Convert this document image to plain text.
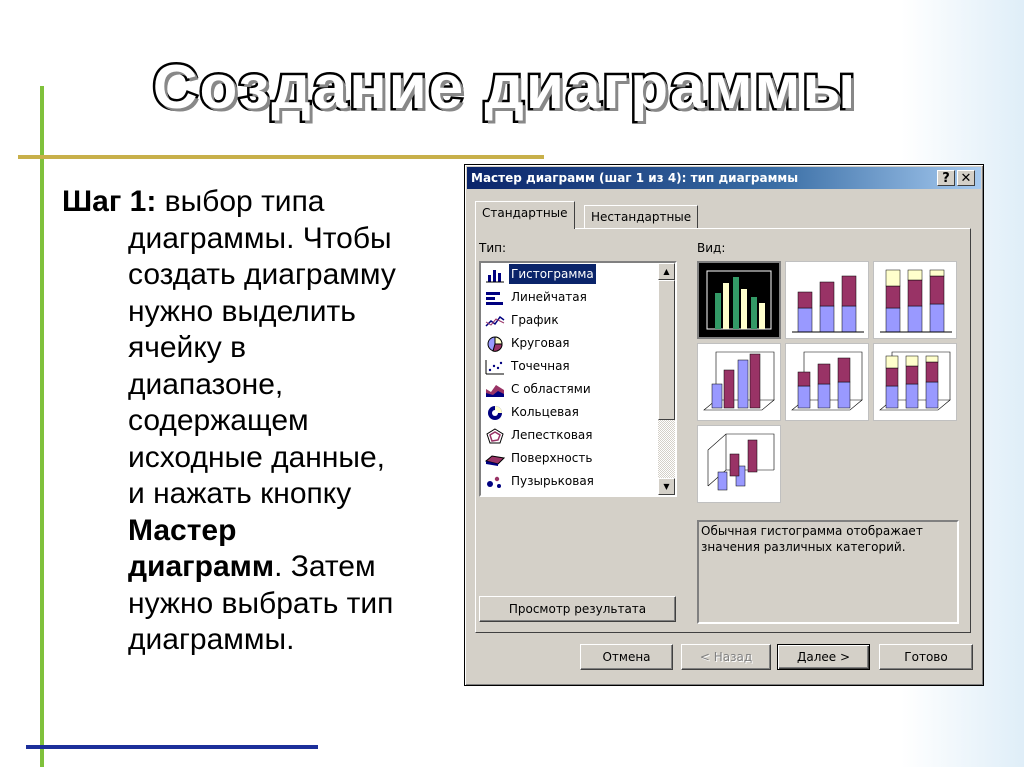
Создание диаграммы
Шаг 1: выбор типа
диаграммы. Чтобы
создать диаграмму
нужно выделить
ячейку в
диапазоне,
содержащем
исходные данные,
и нажать кнопку
Мастер
диаграмм. Затем
нужно выбрать тип
диаграммы.
Мастер диаграмм (шаг 1 из 4): тип диаграммы	? ✕
Стандартные	Нестандартные
Тип:	Вид:
Гистограмма
Линейчатая
График
Круговая
Точечная
С областями
Кольцевая
Лепестковая
Поверхность
Пузырьковая
▲
▼
Обычная гистограмма отображает значения различных категорий.
Просмотр результата
Отмена	< Назад	Далее >	Готово
